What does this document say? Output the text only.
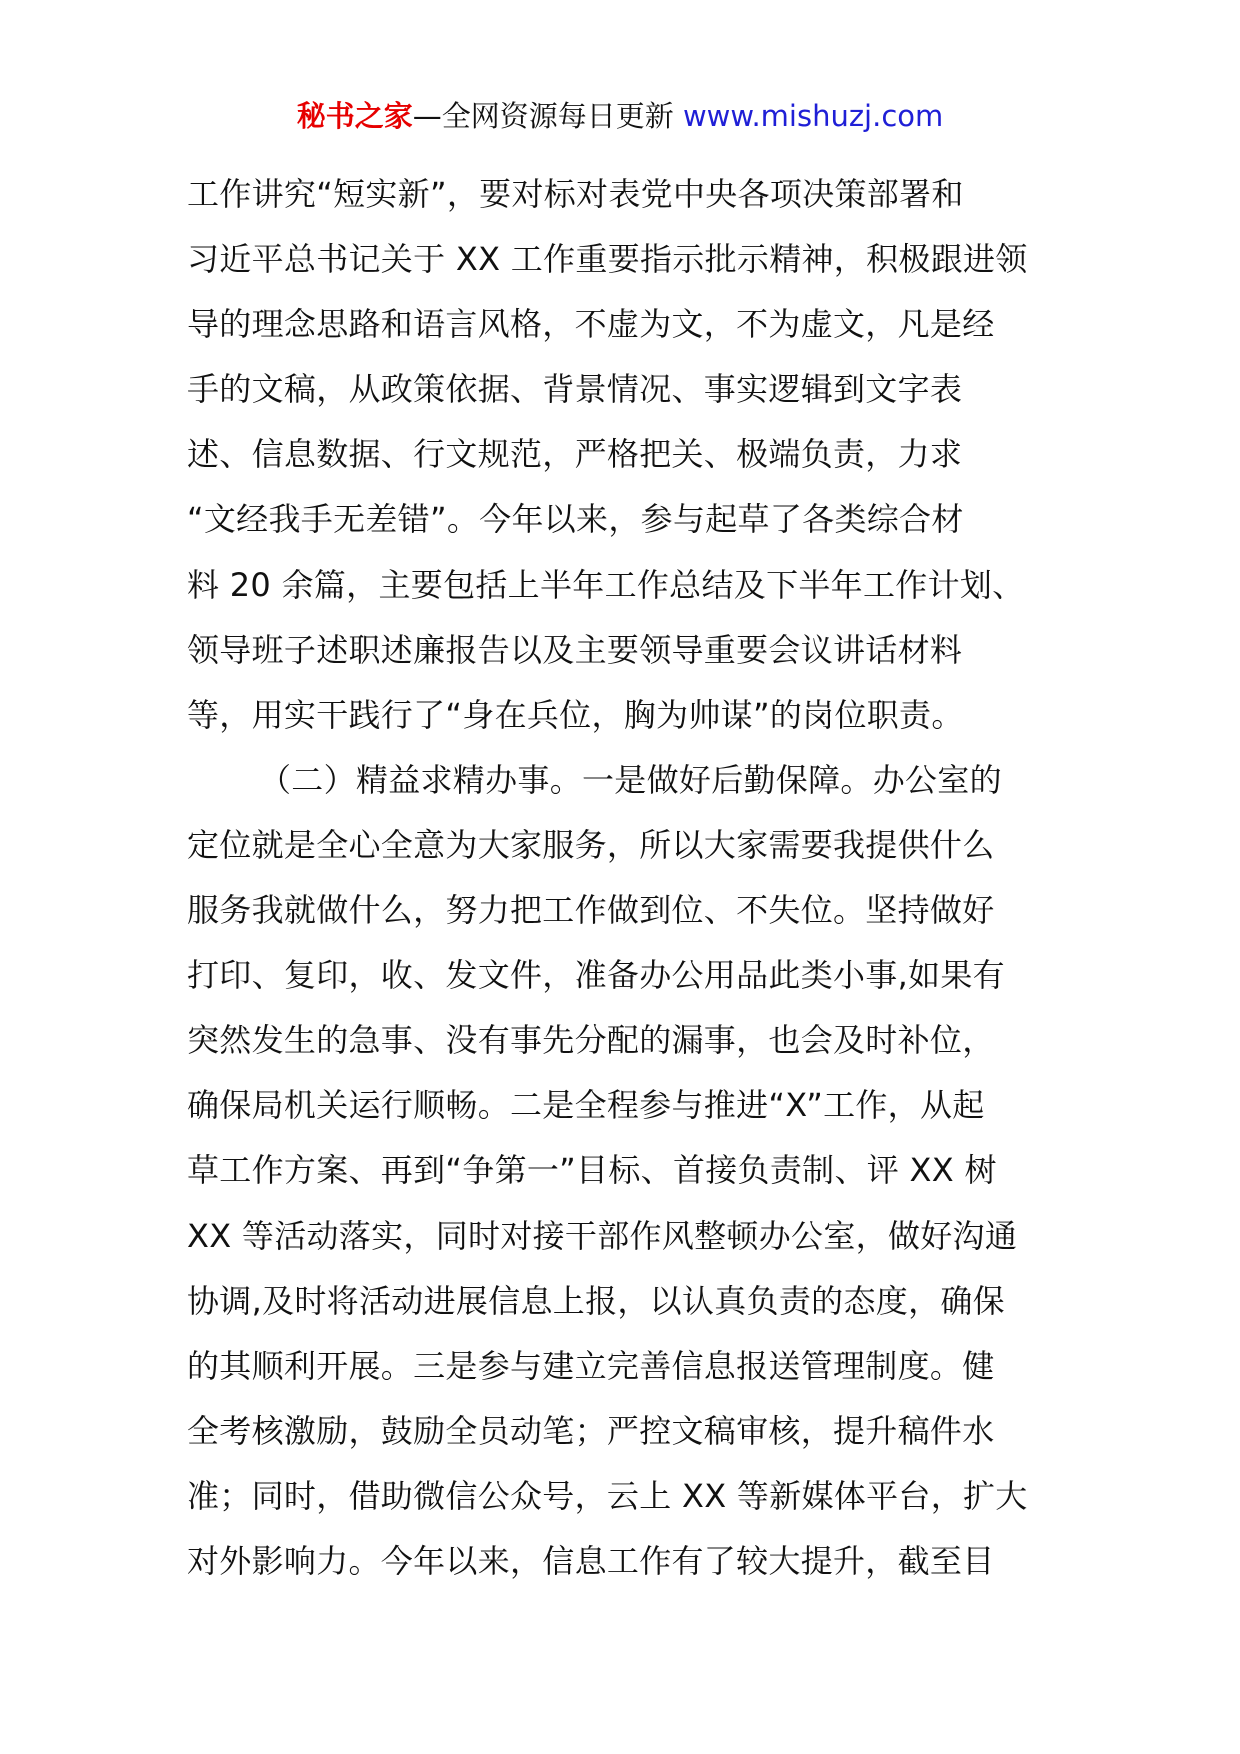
秘书之家—全网资源每日更新 www.mishuzj.com
工作讲究“短实新”，要对标对表党中央各项决策部署和
习近平总书记关于 XX 工作重要指示批示精神，积极跟进领
导的理念思路和语言风格，不虚为文，不为虚文，凡是经
手的文稿，从政策依据、背景情况、事实逻辑到文字表
述、信息数据、行文规范，严格把关、极端负责，力求
“文经我手无差错”。今年以来，参与起草了各类综合材
料 20 余篇，主要包括上半年工作总结及下半年工作计划、
领导班子述职述廉报告以及主要领导重要会议讲话材料
等，用实干践行了“身在兵位，胸为帅谋”的岗位职责。
（二）精益求精办事。一是做好后勤保障。办公室的
定位就是全心全意为大家服务，所以大家需要我提供什么
服务我就做什么，努力把工作做到位、不失位。坚持做好
打印、复印，收、发文件，准备办公用品此类小事,如果有
突然发生的急事、没有事先分配的漏事，也会及时补位，
确保局机关运行顺畅。二是全程参与推进“X”工作，从起
草工作方案、再到“争第一”目标、首接负责制、评 XX 树
XX 等活动落实，同时对接干部作风整顿办公室，做好沟通
协调,及时将活动进展信息上报，以认真负责的态度，确保
的其顺利开展。三是参与建立完善信息报送管理制度。健
全考核激励，鼓励全员动笔；严控文稿审核，提升稿件水
准；同时，借助微信公众号，云上 XX 等新媒体平台，扩大
对外影响力。今年以来，信息工作有了较大提升，截至目
